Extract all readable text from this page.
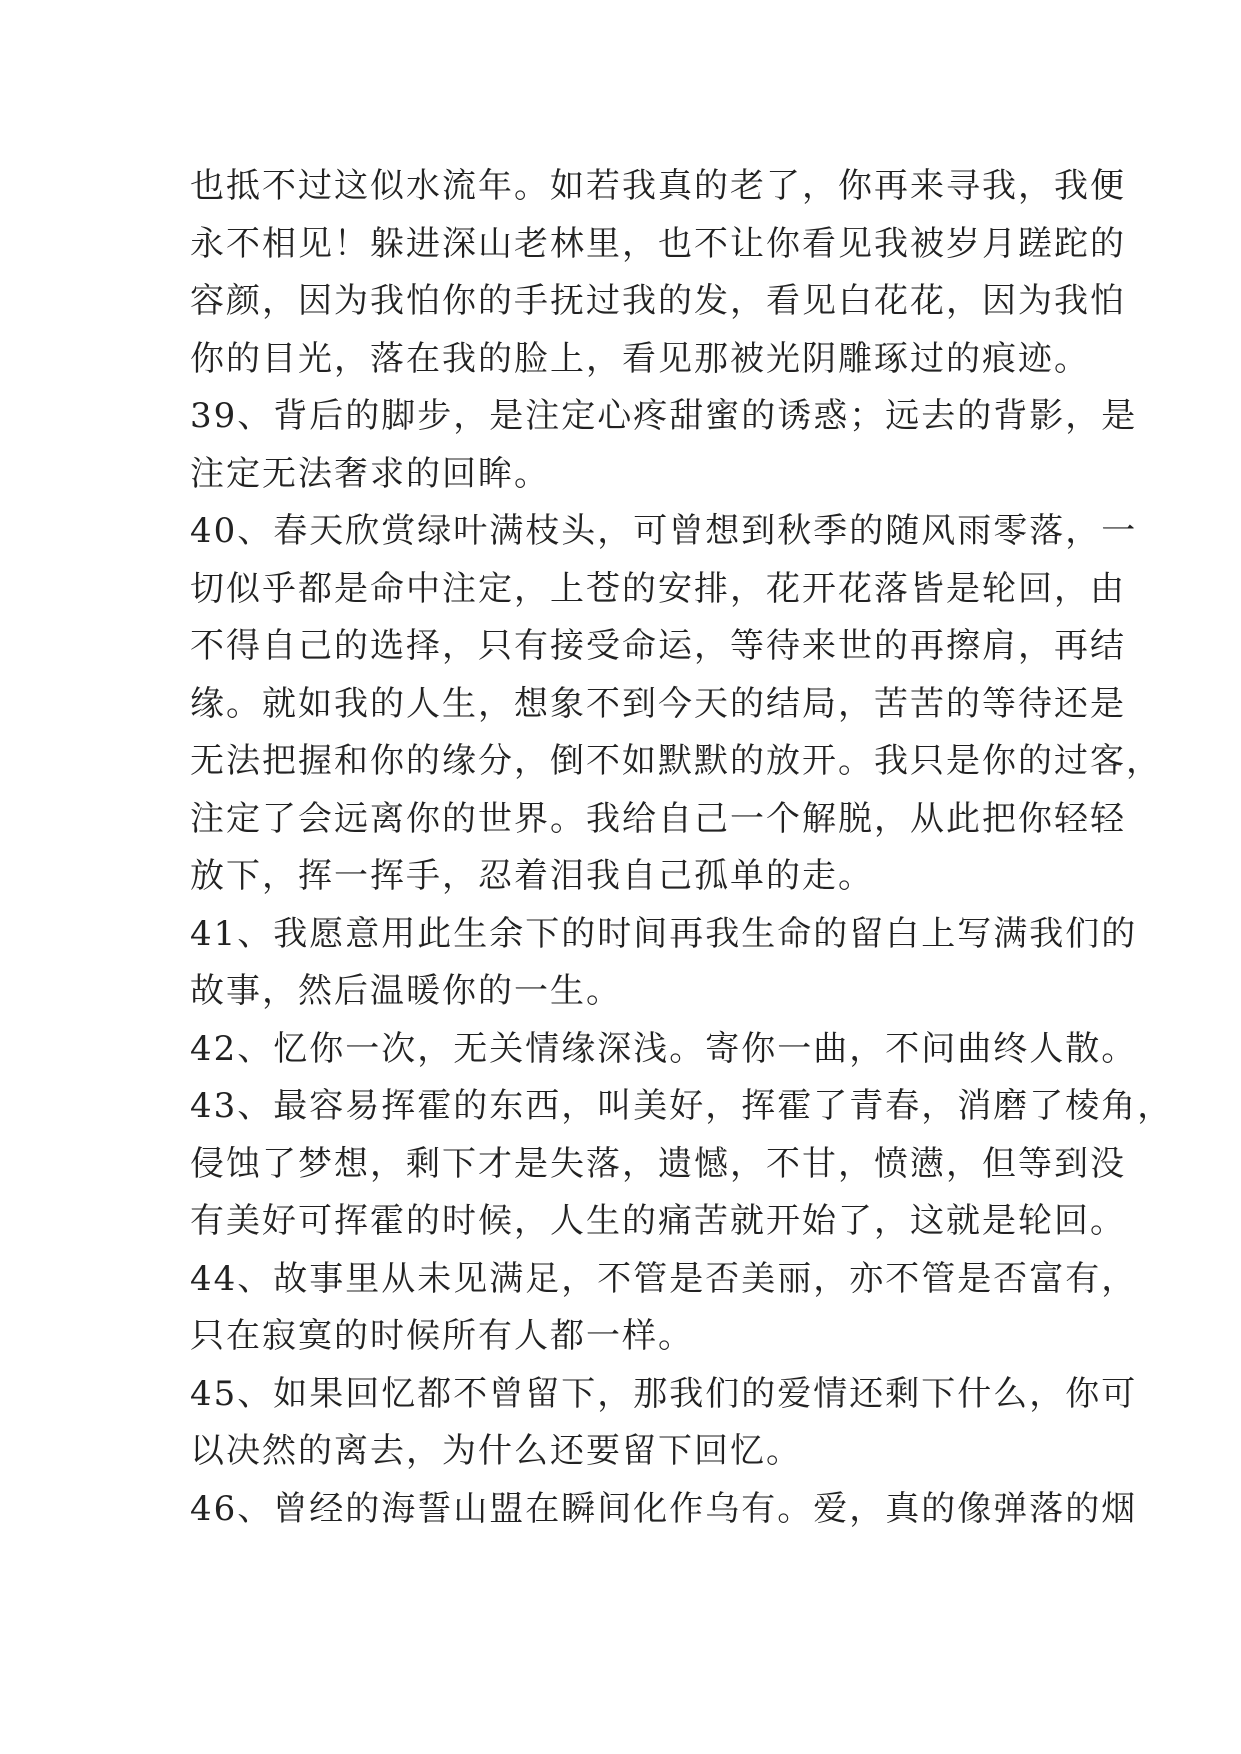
也抵不过这似水流年。如若我真的老了，你再来寻我，我便
永不相见！躲进深山老林里，也不让你看见我被岁月蹉跎的
容颜，因为我怕你的手抚过我的发，看见白花花，因为我怕
你的目光，落在我的脸上，看见那被光阴雕琢过的痕迹。
39、背后的脚步，是注定心疼甜蜜的诱惑；远去的背影，是
注定无法奢求的回眸。
40、春天欣赏绿叶满枝头，可曾想到秋季的随风雨零落，一
切似乎都是命中注定，上苍的安排，花开花落皆是轮回，由
不得自己的选择，只有接受命运，等待来世的再擦肩，再结
缘。就如我的人生，想象不到今天的结局，苦苦的等待还是
无法把握和你的缘分，倒不如默默的放开。我只是你的过客，
注定了会远离你的世界。我给自己一个解脱，从此把你轻轻
放下，挥一挥手，忍着泪我自己孤单的走。
41、我愿意用此生余下的时间再我生命的留白上写满我们的
故事，然后温暖你的一生。
42、忆你一次，无关情缘深浅。寄你一曲，不问曲终人散。
43、最容易挥霍的东西，叫美好，挥霍了青春，消磨了棱角，
侵蚀了梦想，剩下才是失落，遗憾，不甘，愤懑，但等到没
有美好可挥霍的时候，人生的痛苦就开始了，这就是轮回。
44、故事里从未见满足，不管是否美丽，亦不管是否富有，
只在寂寞的时候所有人都一样。
45、如果回忆都不曾留下，那我们的爱情还剩下什么，你可
以决然的离去，为什么还要留下回忆。
46、曾经的海誓山盟在瞬间化作乌有。爱，真的像弹落的烟
